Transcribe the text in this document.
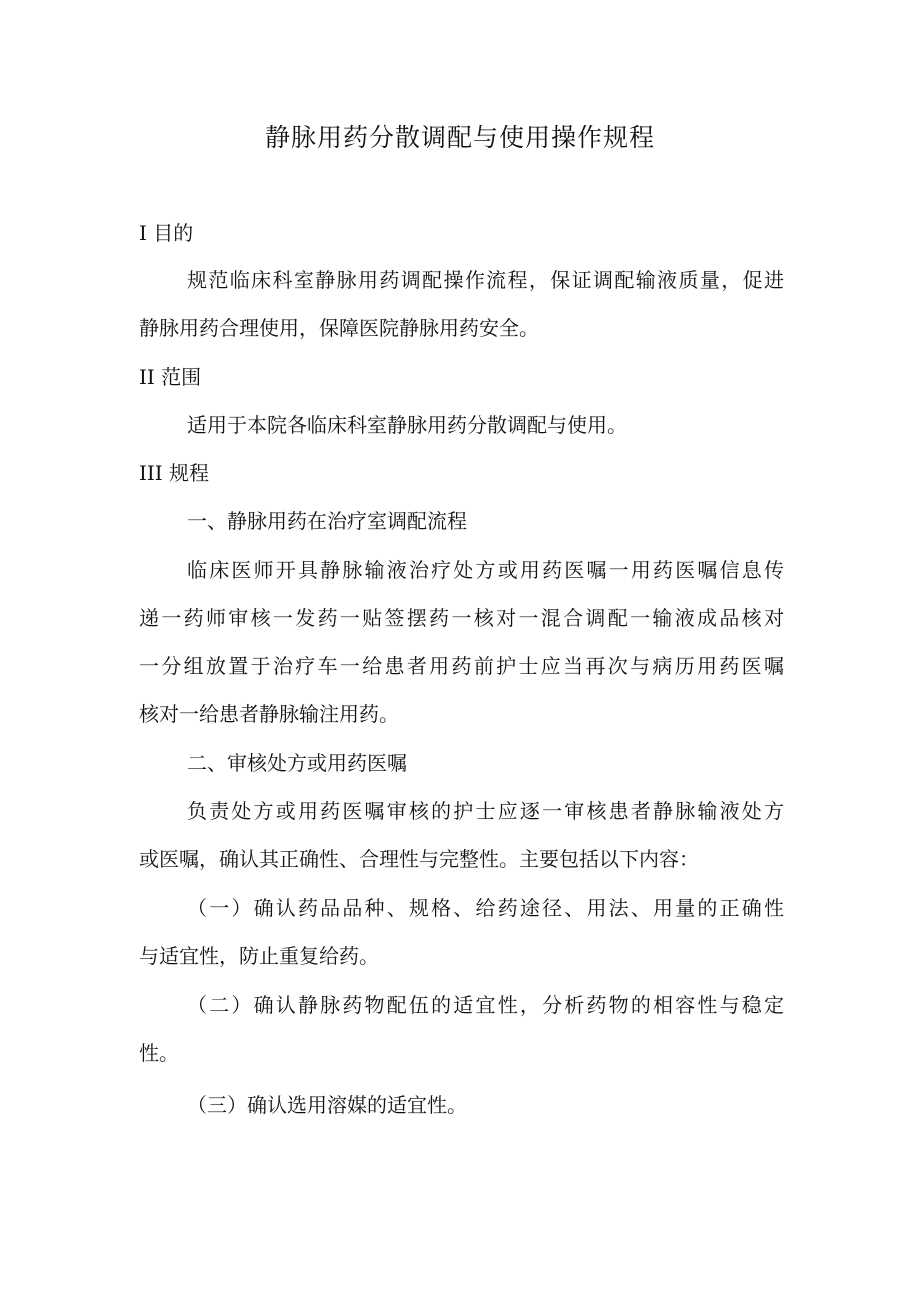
静脉用药分散调配与使用操作规程
I 目的
规范临床科室静脉用药调配操作流程，保证调配输液质量，促进
静脉用药合理使用，保障医院静脉用药安全。
II 范围
适用于本院各临床科室静脉用药分散调配与使用。
III 规程
一、静脉用药在治疗室调配流程
临床医师开具静脉输液治疗处方或用药医嘱一用药医嘱信息传
递一药师审核一发药一贴签摆药一核对一混合调配一输液成品核对
一分组放置于治疗车一给患者用药前护士应当再次与病历用药医嘱
核对一给患者静脉输注用药。
二、审核处方或用药医嘱
负责处方或用药医嘱审核的护士应逐一审核患者静脉输液处方
或医嘱，确认其正确性、合理性与完整性。主要包括以下内容：
（一）确认药品品种、规格、给药途径、用法、用量的正确性
与适宜性，防止重复给药。
（二）确认静脉药物配伍的适宜性，分析药物的相容性与稳定
性。
（三）确认选用溶媒的适宜性。
